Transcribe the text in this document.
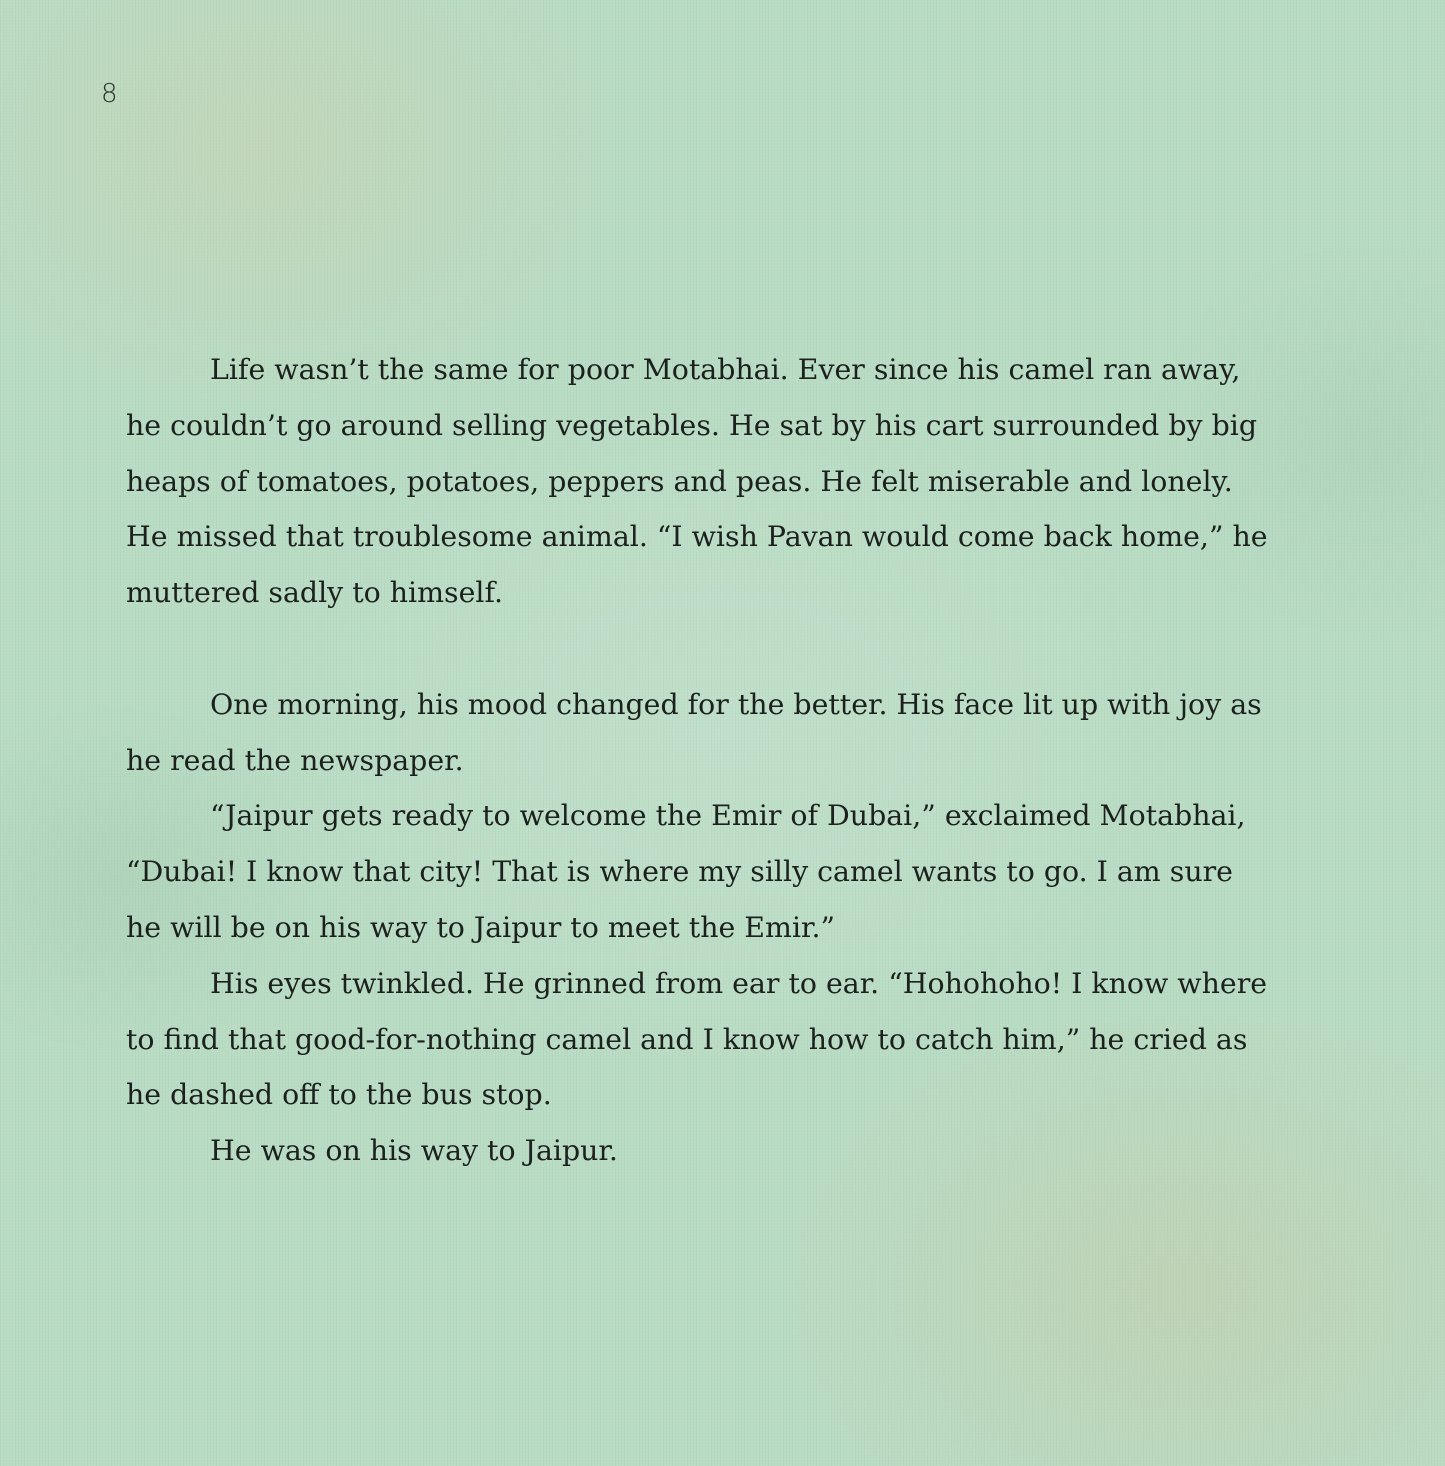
8
Life wasn’t the same for poor Motabhai. Ever since his camel ran away,
he couldn’t go around selling vegetables. He sat by his cart surrounded by big
heaps of tomatoes, potatoes, peppers and peas. He felt miserable and lonely.
He missed that troublesome animal. “I wish Pavan would come back home,” he
muttered sadly to himself.
One morning, his mood changed for the better. His face lit up with joy as
he read the newspaper.
“Jaipur gets ready to welcome the Emir of Dubai,” exclaimed Motabhai,
“Dubai! I know that city! That is where my silly camel wants to go. I am sure
he will be on his way to Jaipur to meet the Emir.”
His eyes twinkled. He grinned from ear to ear. “Hohohoho! I know where
to find that good-for-nothing camel and I know how to catch him,” he cried as
he dashed off to the bus stop.
He was on his way to Jaipur.
